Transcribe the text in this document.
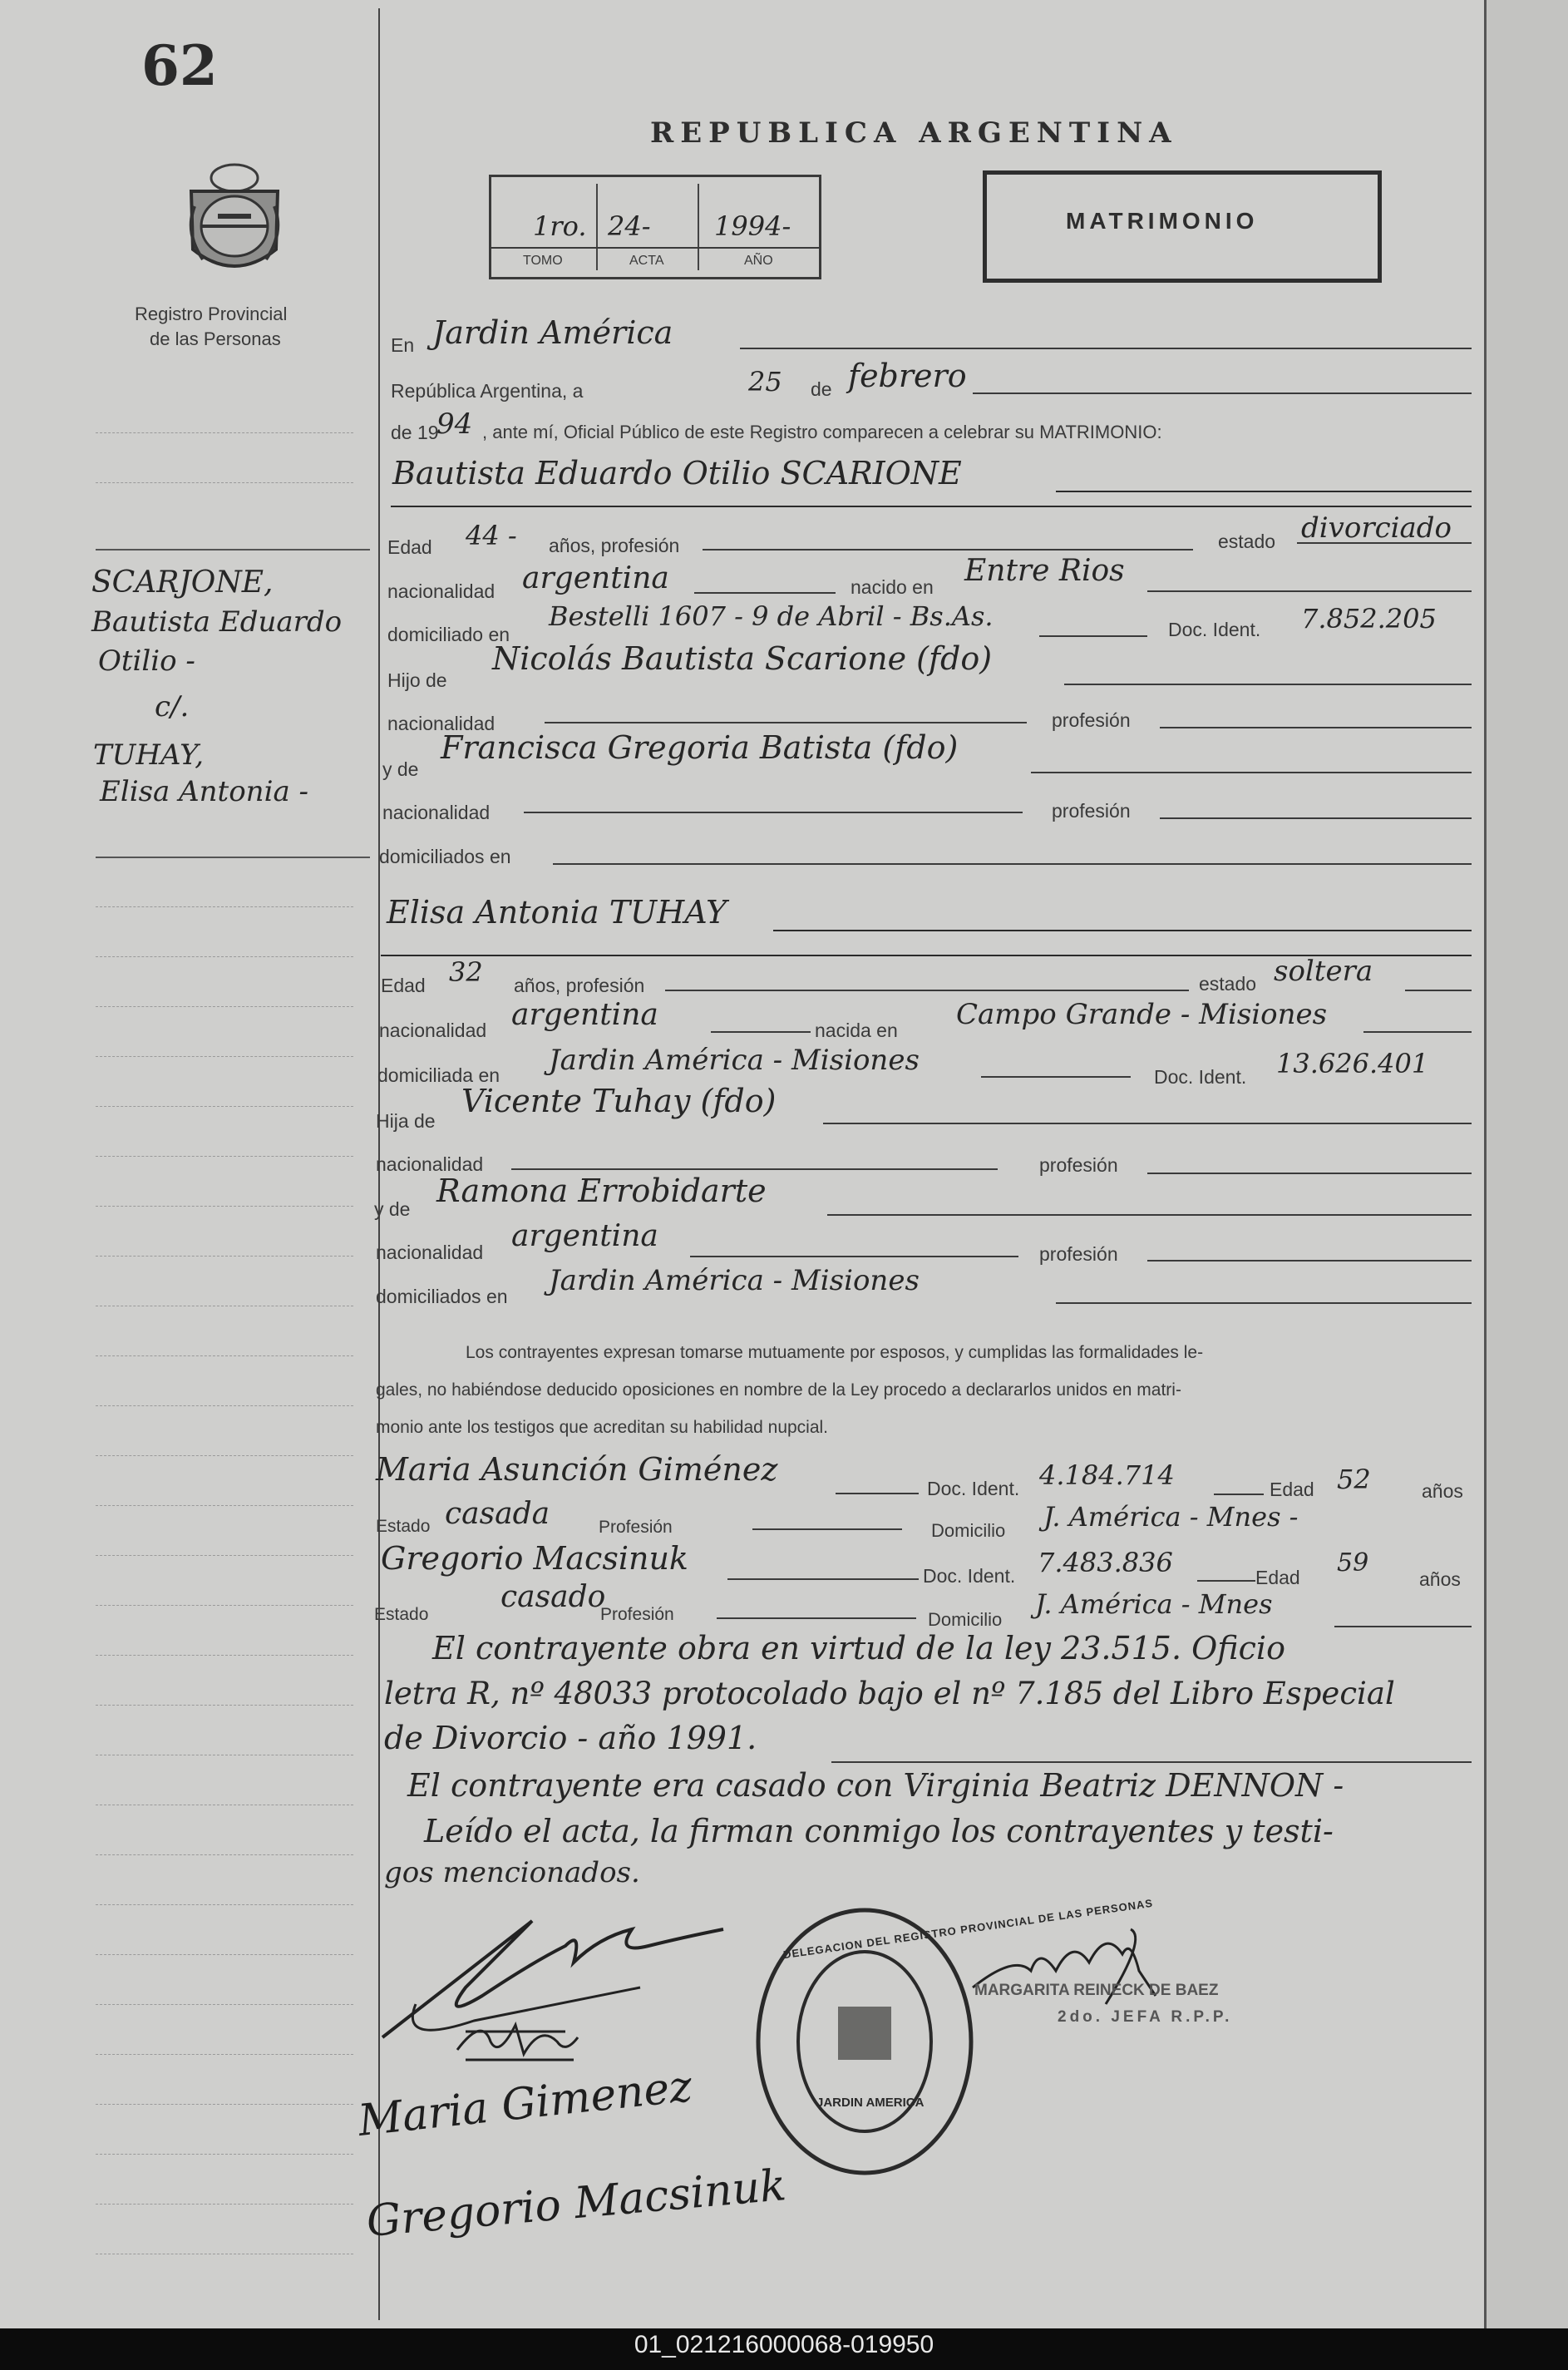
62
Registro Provincial
de las Personas
REPUBLICA ARGENTINA
1ro. 24- 1994-
TOMO	ACTA	AÑO
MATRIMONIO
SCARJONE,
Bautista Eduardo
Otilio -
c/.
TUHAY,
Elisa Antonia -
En Jardin América
República Argentina, a	25 de febrero
de 19
94 , ante mí, Oficial Público de este Registro comparecen a celebrar su MATRIMONIO:
Bautista Eduardo Otilio SCARIONE
Edad 44 - años, profesión	estado divorciado
nacionalidad argentina	nacido en Entre Rios
domiciliado en
Bestelli 1607 - 9 de Abril - Bs.As.	Doc. Ident. 7.852.205
Hijo de
Nicolás Bautista Scarione (fdo)
nacionalidad	profesión
y de
Francisca Gregoria Batista (fdo)
nacionalidad	profesión
domiciliados en
Elisa Antonia TUHAY
Edad 32 años, profesión	estado soltera
nacionalidad argentina	nacida en Campo Grande - Misiones
domiciliada en Jardin América - Misiones	Doc. Ident. 13.626.401
Hija de
Vicente Tuhay (fdo)
nacionalidad	profesión
y de Ramona Errobidarte
nacionalidad argentina
profesión
domiciliados en Jardin América - Misiones
Los contrayentes expresan tomarse mutuamente por esposos, y cumplidas las formalidades le-
gales, no habiéndose deducido oposiciones en nombre de la Ley procedo a declararlos unidos en matri-
monio ante los testigos que acreditan su habilidad nupcial.
Maria Asunción Giménez
Doc. Ident. 4.184.714	Edad 52	años
Estado casada	Profesión	Domicilio J. América - Mnes -
Gregorio Macsinuk	Doc. Ident. 7.483.836	Edad 59
años
Estado
casado
Profesión	Domicilio J. América - Mnes
El contrayente obra en virtud de la ley 23.515. Oficio
letra R, nº 48033 protocolado bajo el nº 7.185 del Libro Especial
de Divorcio - año 1991.
El contrayente era casado con Virginia Beatriz DENNON -
Leído el acta, la firman conmigo los contrayentes y testi-
gos mencionados.
Maria Gimenez
Gregorio Macsinuk
DELEGACION DEL REGISTRO PROVINCIAL DE LAS PERSONAS
JARDIN AMERICA
MARGARITA REINECK DE BAEZ
2do. JEFA R.P.P.
01_021216000068-019950
